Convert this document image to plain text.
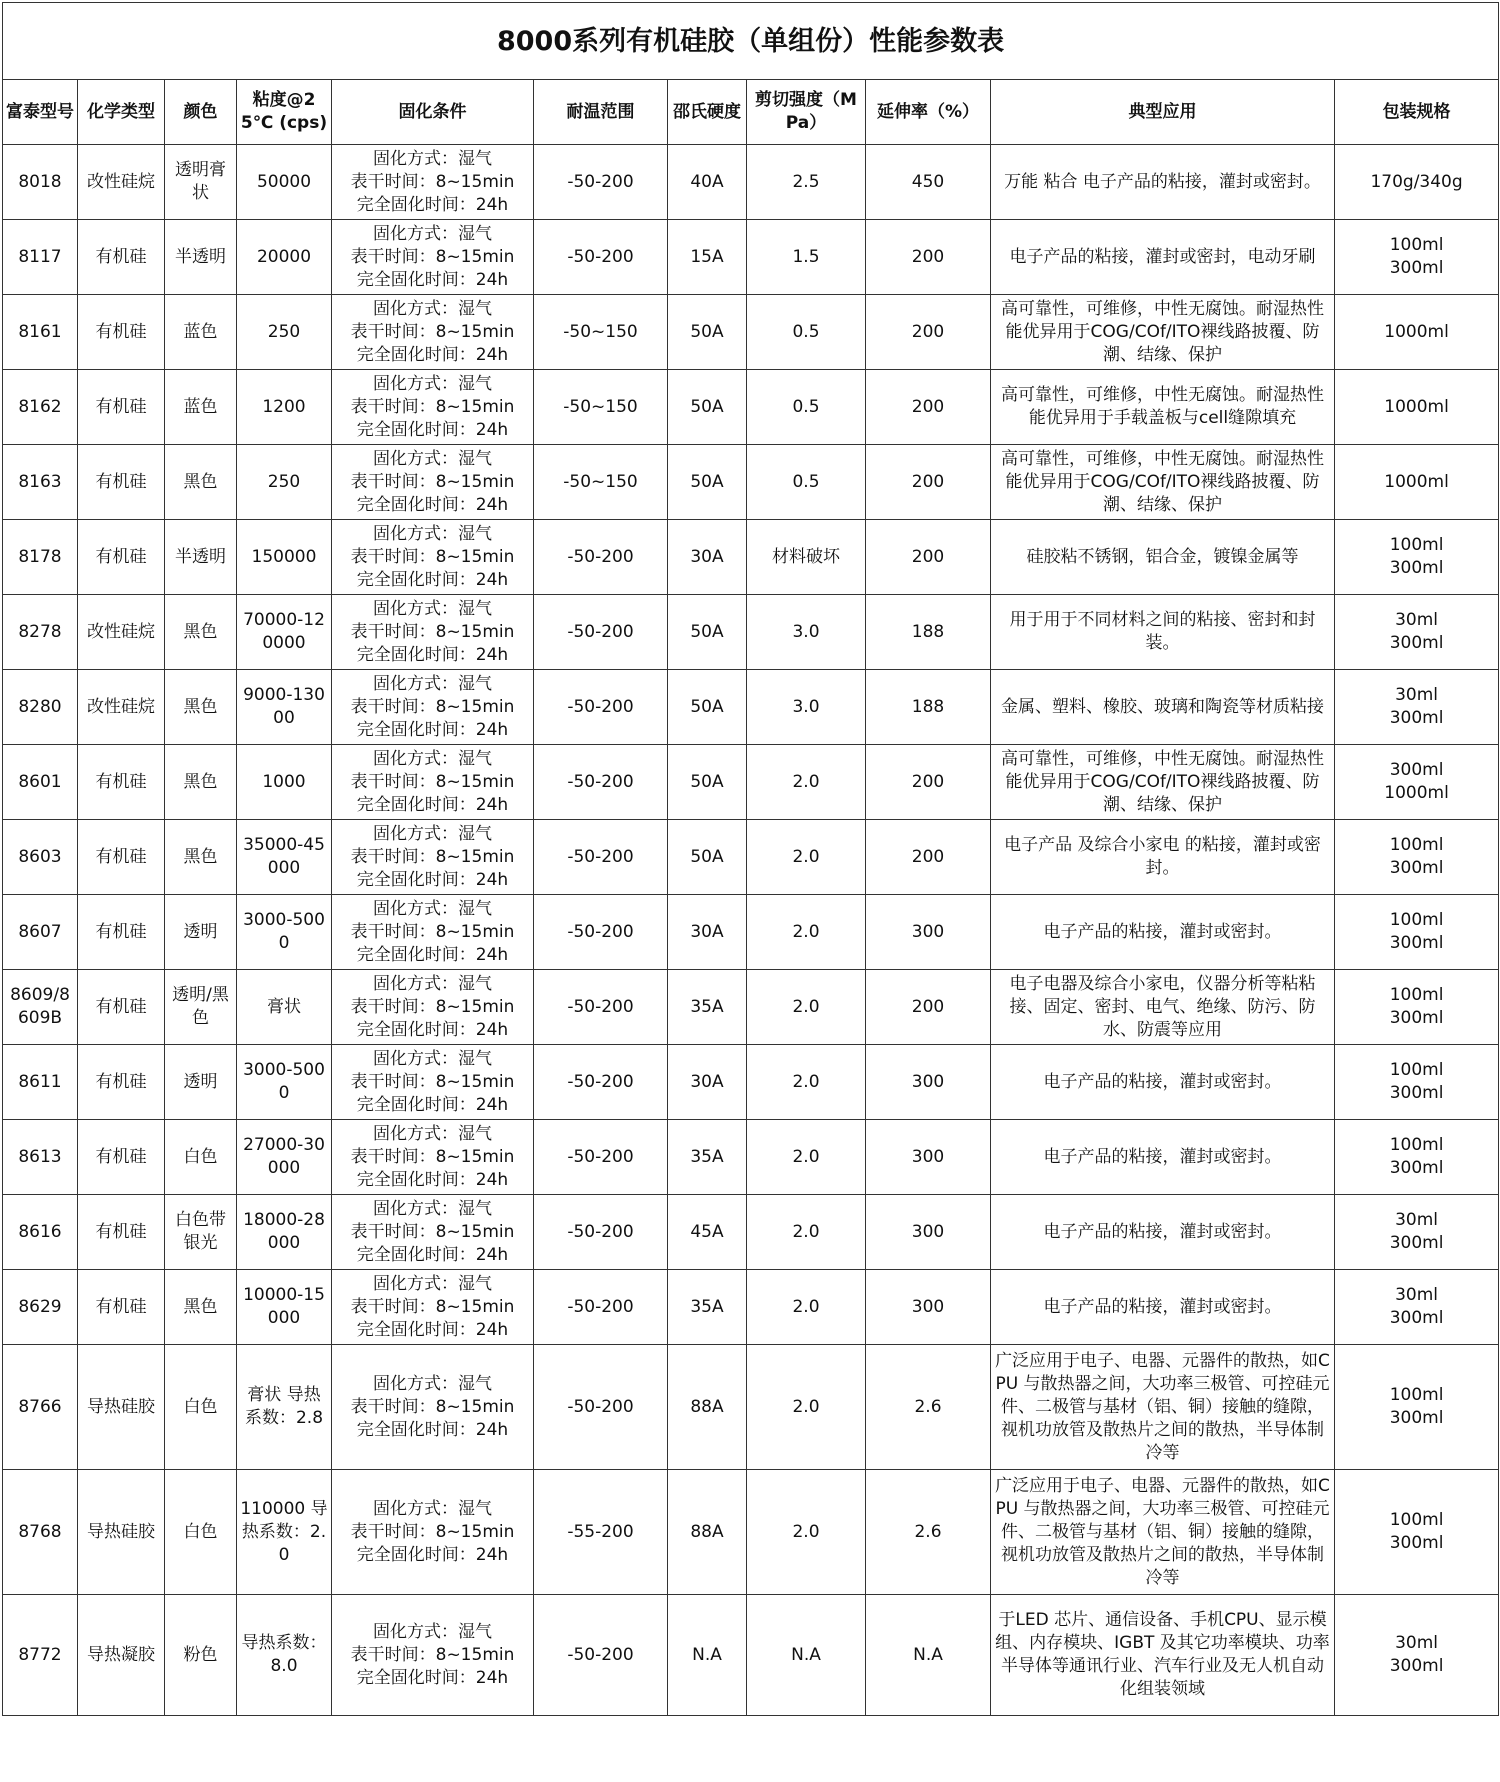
8000系列有机硅胶（单组份）性能参数表										
富泰型号	化学类型	颜色	粘度@25℃ (cps)	固化条件	耐温范围	邵氏硬度	剪切强度（MPa）	延伸率（%）	典型应用	包装规格
8018	改性硅烷	透明膏状	50000	固化方式：湿气
表干时间：8~15min
完全固化时间：24h	-50-200	40A	2.5	450	万能 粘合 电子产品的粘接，灌封或密封。	170g/340g

8117	有机硅	半透明	20000	固化方式：湿气
表干时间：8~15min
完全固化时间：24h	-50-200	15A	1.5	200	电子产品的粘接，灌封或密封，电动牙刷	100ml
300ml

8161	有机硅	蓝色	250	固化方式：湿气
表干时间：8~15min
完全固化时间：24h	-50~150	50A	0.5	200	高可靠性，可维修，中性无腐蚀。耐湿热性能优异用于COG/COf/ITO裸线路披覆、防潮、结缘、保护	1000ml

8162	有机硅	蓝色	1200	固化方式：湿气
表干时间：8~15min
完全固化时间：24h	-50~150	50A	0.5	200	高可靠性，可维修，中性无腐蚀。耐湿热性能优异用于手载盖板与cell缝隙填充	1000ml

8163	有机硅	黑色	250	固化方式：湿气
表干时间：8~15min
完全固化时间：24h	-50~150	50A	0.5	200	高可靠性，可维修，中性无腐蚀。耐湿热性能优异用于COG/COf/ITO裸线路披覆、防潮、结缘、保护	1000ml

8178	有机硅	半透明	150000	固化方式：湿气
表干时间：8~15min
完全固化时间：24h	-50-200	30A	材料破坏	200	硅胶粘不锈钢，铝合金，镀镍金属等	100ml
300ml

8278	改性硅烷	黑色	70000-120000	固化方式：湿气
表干时间：8~15min
完全固化时间：24h	-50-200	50A	3.0	188	用于用于不同材料之间的粘接、密封和封装。	30ml
300ml

8280	改性硅烷	黑色	9000-13000	固化方式：湿气
表干时间：8~15min
完全固化时间：24h	-50-200	50A	3.0	188	金属、塑料、橡胶、玻璃和陶瓷等材质粘接	30ml
300ml

8601	有机硅	黑色	1000	固化方式：湿气
表干时间：8~15min
完全固化时间：24h	-50-200	50A	2.0	200	高可靠性，可维修，中性无腐蚀。耐湿热性能优异用于COG/COf/ITO裸线路披覆、防潮、结缘、保护	300ml
1000ml

8603	有机硅	黑色	35000-45000	固化方式：湿气
表干时间：8~15min
完全固化时间：24h	-50-200	50A	2.0	200	电子产品 及综合小家电 的粘接，灌封或密封。	100ml
300ml

8607	有机硅	透明	3000-5000	固化方式：湿气
表干时间：8~15min
完全固化时间：24h	-50-200	30A	2.0	300	电子产品的粘接，灌封或密封。	100ml
300ml

8609/8609B	有机硅	透明/黑色	膏状	固化方式：湿气
表干时间：8~15min
完全固化时间：24h	-50-200	35A	2.0	200	电子电器及综合小家电，仪器分析等粘粘接、固定、密封、电气、绝缘、防污、防水、防震等应用	100ml
300ml

8611	有机硅	透明	3000-5000	固化方式：湿气
表干时间：8~15min
完全固化时间：24h	-50-200	30A	2.0	300	电子产品的粘接，灌封或密封。	100ml
300ml

8613	有机硅	白色	27000-30000	固化方式：湿气
表干时间：8~15min
完全固化时间：24h	-50-200	35A	2.0	300	电子产品的粘接，灌封或密封。	100ml
300ml

8616	有机硅	白色带银光	18000-28000	固化方式：湿气
表干时间：8~15min
完全固化时间：24h	-50-200	45A	2.0	300	电子产品的粘接，灌封或密封。	30ml
300ml

8629	有机硅	黑色	10000-15000	固化方式：湿气
表干时间：8~15min
完全固化时间：24h	-50-200	35A	2.0	300	电子产品的粘接，灌封或密封。	30ml
300ml

8766	导热硅胶	白色	膏状 导热系数：2.8	固化方式：湿气
表干时间：8~15min
完全固化时间：24h	-50-200	88A	2.0	2.6	广泛应用于电子、电器、元器件的散热，如CPU 与散热器之间，大功率三极管、可控硅元件、二极管与基材（铝、铜）接触的缝隙，视机功放管及散热片之间的散热，半导体制冷等	100ml
300ml

8768	导热硅胶	白色	110000 导热系数：2.0	固化方式：湿气
表干时间：8~15min
完全固化时间：24h	-55-200	88A	2.0	2.6	广泛应用于电子、电器、元器件的散热，如CPU 与散热器之间，大功率三极管、可控硅元件、二极管与基材（铝、铜）接触的缝隙，视机功放管及散热片之间的散热，半导体制冷等	100ml
300ml

8772	导热凝胶	粉色	导热系数：8.0	固化方式：湿气
表干时间：8~15min
完全固化时间：24h	-50-200	N.A	N.A	N.A	于LED 芯片、通信设备、手机CPU、显示模组、内存模块、IGBT 及其它功率模块、功率半导体等通讯行业、汽车行业及无人机自动化组装领域	30ml
300ml
